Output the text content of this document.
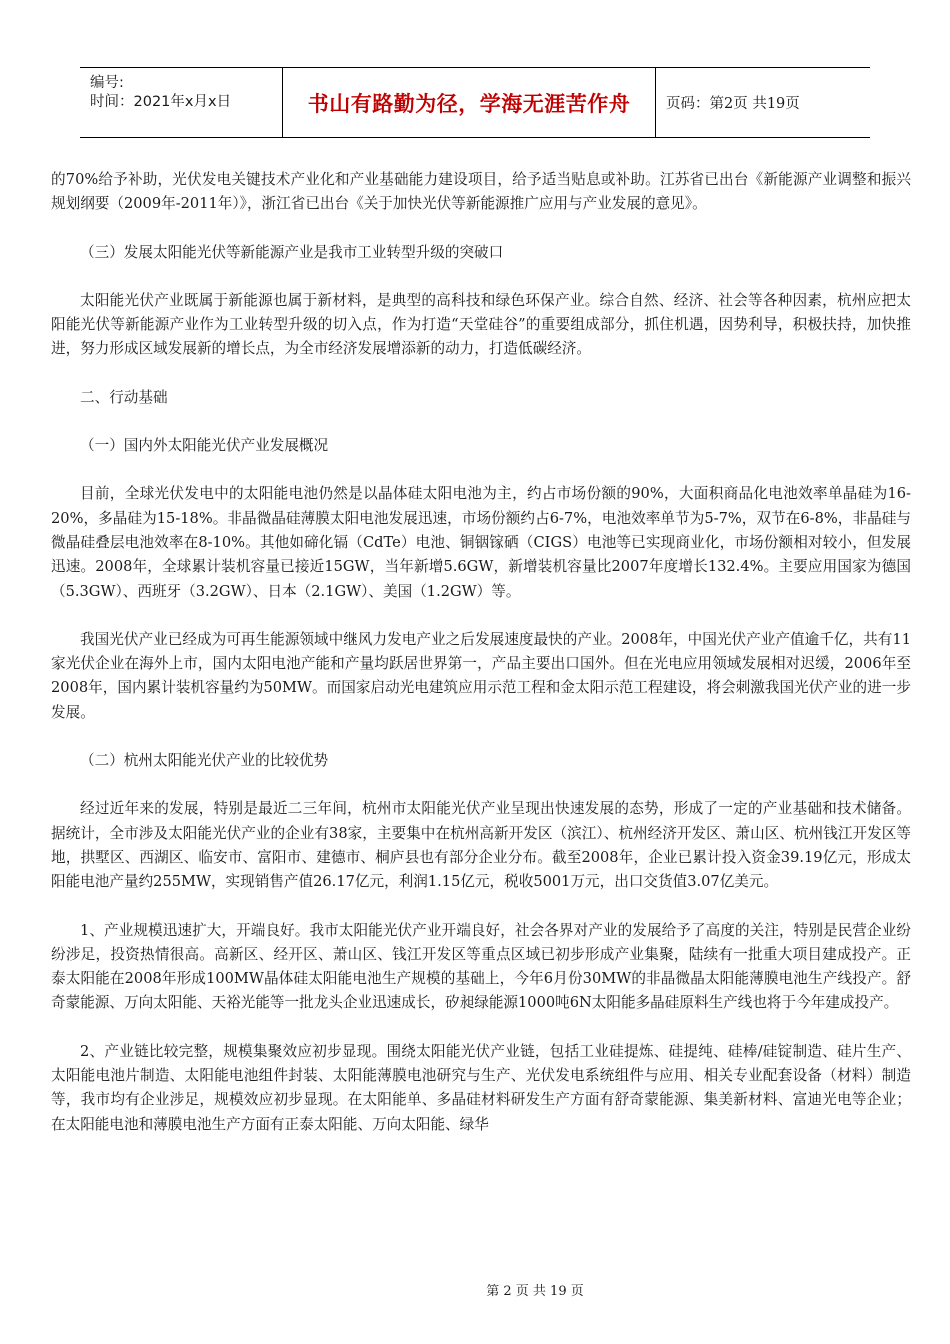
编号:
时间：2021年x月x日	书山有路勤为径，学海无涯苦作舟 页码：第2页 共19页

的70%给予补助，光伏发电关键技术产业化和产业基础能力建设项目，给予适当贴息或补助。江苏省已出台《新能源产业调整和振兴规划纲要（2009年-2011年）》，浙江省已出台《关于加快光伏等新能源推广应用与产业发展的意见》。

（三）发展太阳能光伏等新能源产业是我市工业转型升级的突破口

太阳能光伏产业既属于新能源也属于新材料，是典型的高科技和绿色环保产业。综合自然、经济、社会等各种因素，杭州应把太阳能光伏等新能源产业作为工业转型升级的切入点，作为打造“天堂硅谷”的重要组成部分，抓住机遇，因势利导，积极扶持，加快推进，努力形成区域发展新的增长点，为全市经济发展增添新的动力，打造低碳经济。

二、行动基础

（一）国内外太阳能光伏产业发展概况

目前，全球光伏发电中的太阳能电池仍然是以晶体硅太阳电池为主，约占市场份额的90%，大面积商品化电池效率单晶硅为16-20%，多晶硅为15-18%。非晶微晶硅薄膜太阳电池发展迅速，市场份额约占6-7%，电池效率单节为5-7%，双节在6-8%，非晶硅与微晶硅叠层电池效率在8-10%。其他如碲化镉（CdTe）电池、铜铟镓硒（CIGS）电池等已实现商业化，市场份额相对较小，但发展迅速。2008年，全球累计装机容量已接近15GW，当年新增5.6GW，新增装机容量比2007年度增长132.4%。主要应用国家为德国（5.3GW）、西班牙（3.2GW）、日本（2.1GW）、美国（1.2GW）等。

我国光伏产业已经成为可再生能源领域中继风力发电产业之后发展速度最快的产业。2008年，中国光伏产业产值逾千亿，共有11家光伏企业在海外上市，国内太阳电池产能和产量均跃居世界第一，产品主要出口国外。但在光电应用领域发展相对迟缓，2006年至2008年，国内累计装机容量约为50MW。而国家启动光电建筑应用示范工程和金太阳示范工程建设，将会刺激我国光伏产业的进一步发展。

（二）杭州太阳能光伏产业的比较优势

经过近年来的发展，特别是最近二三年间，杭州市太阳能光伏产业呈现出快速发展的态势，形成了一定的产业基础和技术储备。据统计，全市涉及太阳能光伏产业的企业有38家，主要集中在杭州高新开发区（滨江）、杭州经济开发区、萧山区、杭州钱江开发区等地，拱墅区、西湖区、临安市、富阳市、建德市、桐庐县也有部分企业分布。截至2008年，企业已累计投入资金39.19亿元，形成太阳能电池产量约255MW，实现销售产值26.17亿元，利润1.15亿元，税收5001万元，出口交货值3.07亿美元。

1、产业规模迅速扩大，开端良好。我市太阳能光伏产业开端良好，社会各界对产业的发展给予了高度的关注，特别是民营企业纷纷涉足，投资热情很高。高新区、经开区、萧山区、钱江开发区等重点区域已初步形成产业集聚，陆续有一批重大项目建成投产。正泰太阳能在2008年形成100MW晶体硅太阳能电池生产规模的基础上，今年6月份30MW的非晶微晶太阳能薄膜电池生产线投产。舒奇蒙能源、万向太阳能、天裕光能等一批龙头企业迅速成长，矽昶绿能源1000吨6N太阳能多晶硅原料生产线也将于今年建成投产。

2、产业链比较完整，规模集聚效应初步显现。围绕太阳能光伏产业链，包括工业硅提炼、硅提纯、硅棒/硅锭制造、硅片生产、太阳能电池片制造、太阳能电池组件封装、太阳能薄膜电池研究与生产、光伏发电系统组件与应用、相关专业配套设备（材料）制造等，我市均有企业涉足，规模效应初步显现。在太阳能单、多晶硅材料研发生产方面有舒奇蒙能源、集美新材料、富迪光电等企业；在太阳能电池和薄膜电池生产方面有正泰太阳能、万向太阳能、绿华

第 2 页 共 19 页
